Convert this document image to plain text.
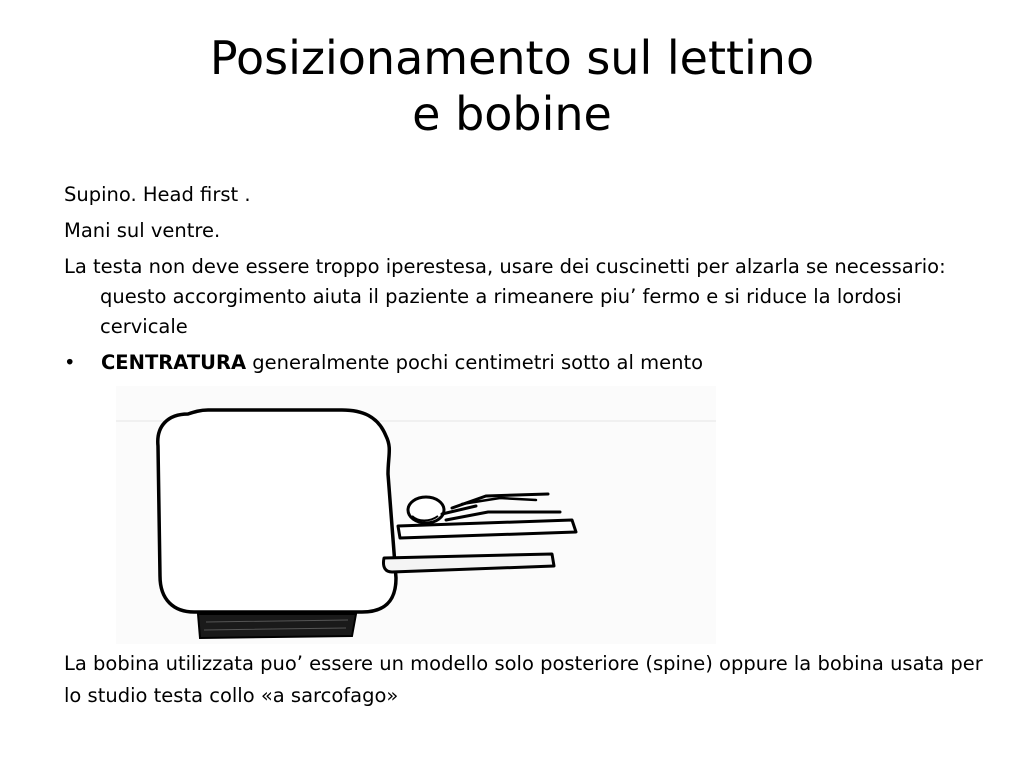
Posizionamento sul lettino
e bobine

Supino. Head first .

Mani sul ventre.

La testa non deve essere troppo iperestesa, usare dei cuscinetti per alzarla se necessario: questo accorgimento aiuta il paziente a rimeanere piu’ fermo e si riduce la lordosi cervicale

•	CENTRATURA generalmente pochi centimetri sotto al mento

La bobina utilizzata puo’ essere un modello solo posteriore (spine) oppure la bobina usata per lo studio testa collo «a sarcofago»
